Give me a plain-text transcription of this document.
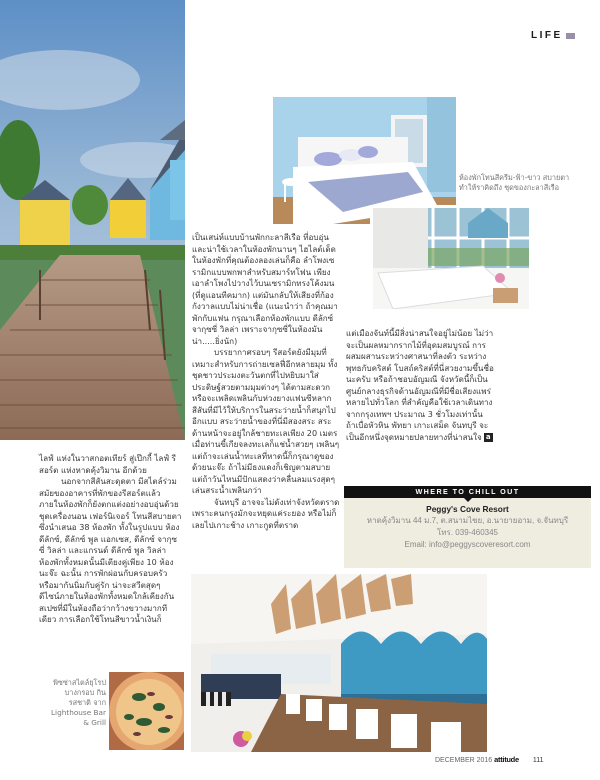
LIFE
ห้องพักโทนสีครีม-ฟ้า-ขาว สบายตา ทำให้ราคิดถึง ชุดของกะลาสีเรือ

เป็นเสน่ห์แบบบ้านพักกะลาสีเรือ ที่อบอุ่นและน่าใช้เวลาในห้องพักนานๆ ไฮไลต์เด็ดในห้องพักที่คุณต้องลองเล่นก็คือ ลำโพงเซรามิกแบบพกพาสำหรับสมาร์ทโฟน เพียงเอาลำโพงไปวางไว้บนเซรามิกทรงโค้งมน (ที่ดูแอนทีคมาก) แต่มันกลับให้เสียงที่ก้องกังวาลแบบไม่น่าเชื่อ (แนะนำว่า ถ้าคุณมาพักกับแฟน กรุณาเลือกห้องพักแบบ ดีลักซ์ จากุซซี่ วิลล่า เพราะจากุซซี่ในห้องมันน่า.....ยิ่งนัก)

บรรยากาศรอบๆ รีสอร์ตยังมีมุมที่เหมาะสำหรับการถ่ายเซลฟี่อีกหลายมุม ทั้งชุดชาวประมงตะวันตกที่ไปหยิบมาใส่ประดิษฐ์สวยตามมุมต่างๆ ได้ตามสะดวก หรือจะเพลิดเพลินกับห่วงยางแฟนซีหลากสีสันที่มีไว้ให้บริการในสระว่ายน้ำก็สนุกไปอีกแบบ สระว่ายน้ำของที่นี่มีสองสระ สระด้านหน้าจะอยู่ใกล้ชายทะเลเพียง 20 เมตร เมื่อท่านขี้เกียจลงทะเลก็แช่น้ำสวยๆ เพลินๆ แต่ถ้าจะเล่นน้ำทะเลที่หาดนี้ก็กรุณาดูของด้วยนะจ๊ะ ถ้าไม่มีธงแดงก็เชิญตามสบาย แต่ถ้าวันไหนมีปักแสดงว่าคลื่นลมแรงสุดๆ เล่นสระน้ำเพลินกว่า

จันทบุรี อาจจะไม่ดังเท่าจังหวัดตราด เพราะคนกรุงมักจะหยุดแค่ระยอง หรือไม่ก็เลยไปเกาะช้าง เกาะกูดที่ตราด

แต่เมืองจันท์นี้มีสิ่งน่าสนใจอยู่ไม่น้อย ไม่ว่าจะเป็นผลหมากรากไม้ที่อุดมสมบูรณ์ การผสมผสานระหว่างศาสนาที่ลงตัว ระหว่างพุทธกับคริสต์ โบสถ์คริสต์ที่นี่สวยงามขึ้นชื่อนะครับ หรือถ้าชอบอัญมณี จังหวัดนี้ก็เป็นศูนย์กลางธุรกิจด้านอัญมณีที่มีชื่อเสียงแพร่หลายไปทั่วโลก ที่สำคัญคือใช้เวลาเดินทางจากกรุงเทพฯ ประมาณ 3 ชั่วโมงเท่านั้น ถ้าเบื่อหัวหิน พัทยา เกาะเสม็ด จันทบุรี จะเป็นอีกหนึ่งจุดหมายปลายทางที่น่าสนใจ a

ไลฟ์ แห่งในวาสกอตเทียร์ สู่เป๊กกี้ ไลฟ์ รีสอร์ต แห่งหาดคุ้งวิมาน อีกด้วย

นอกจากสีสันสะดุดตา มีสไตล์ร่วมสมัยของอาคารที่พักของรีสอร์ตแล้ว ภายในห้องพักก็ยังตกแต่งอย่างอบอุ่นด้วยชุดเครื่องนอน เฟอร์นิเจอร์ โทนสีสบายตา ซึ่งนำเสนอ 38 ห้องพัก ทั้งในรูปแบบ ห้องดีลักซ์, ดีลักซ์ พูล แอกเซส, ดีลักซ์ จากุซซี่ วิลล่า และแกรนด์ ดีลักซ์ พูล วิลล่า ห้องพักทั้งหมดนั้นมีเตียงคู่เพียง 10 ห้องนะจ๊ะ ฉะนั้น การพักผ่อนกับครอบครัว หรือมากันนิ่มกับคู่รัก น่าจะสวีตสุดๆ ดีไซน์ภายในห้องพักทั้งหมดใกล้เคียงกัน สเปซที่มีในห้องถือว่ากว้างขวางมากทีเดียว การเลือกใช้โทนสีขาวน้ำเงินก็

WHERE TO CHILL OUT
Peggy's Cove Resort
หาดคุ้งวิมาน 44 ม.7, ต.สนามไชย, อ.นายายอาม, จ.จันทบุรี
โทร. 039-460345
Email: info@peggyscoveresort.com
พิซซ่าสไตล์ยุโรป บางกรอบ กินรสชาติ จาก Lighthouse Bar & Grill
DECEMBER 2016 attitude 111
